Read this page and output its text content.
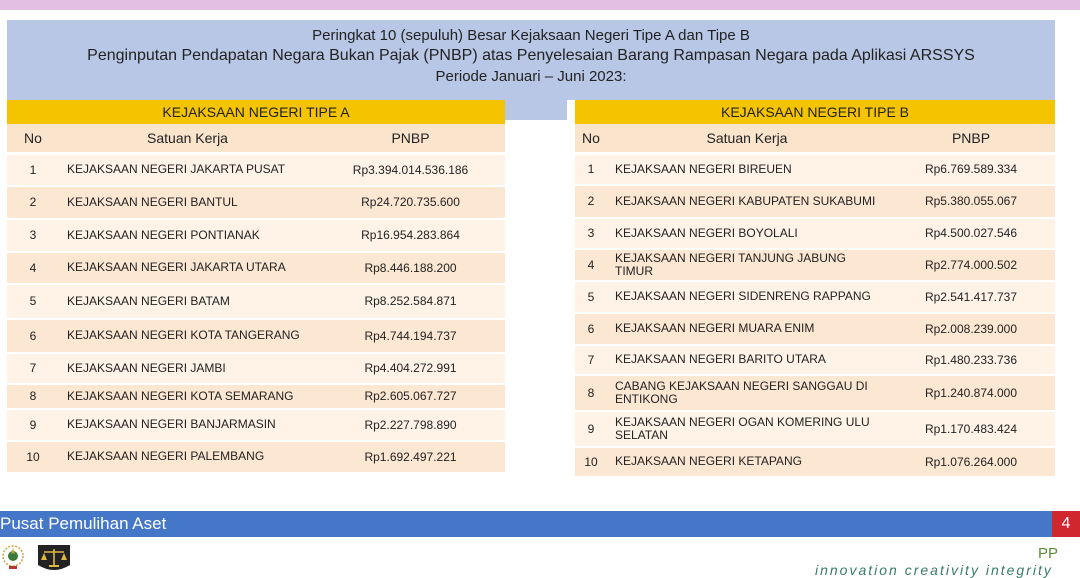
Peringkat 10 (sepuluh) Besar Kejaksaan Negeri Tipe A dan Tipe B
Penginputan Pendapatan Negara Bukan Pajak (PNBP) atas Penyelesaian Barang Rampasan Negara pada Aplikasi ARSSYS
Periode Januari – Juni 2023:
KEJAKSAAN NEGERI TIPE A		
No	Satuan Kerja	PNBP
1	KEJAKSAAN NEGERI JAKARTA PUSAT	Rp3.394.014.536.186
2	KEJAKSAAN NEGERI BANTUL	Rp24.720.735.600
3	KEJAKSAAN NEGERI PONTIANAK	Rp16.954.283.864
4	KEJAKSAAN NEGERI JAKARTA UTARA	Rp8.446.188.200
5	KEJAKSAAN NEGERI BATAM	Rp8.252.584.871
6	KEJAKSAAN NEGERI KOTA TANGERANG	Rp4.744.194.737
7	KEJAKSAAN NEGERI JAMBI	Rp4.404.272.991
8	KEJAKSAAN NEGERI KOTA SEMARANG	Rp2.605.067.727
9	KEJAKSAAN NEGERI BANJARMASIN	Rp2.227.798.890
10	KEJAKSAAN NEGERI PALEMBANG	Rp1.692.497.221
KEJAKSAAN NEGERI TIPE B		
No	Satuan Kerja	PNBP
1	KEJAKSAAN NEGERI BIREUEN	Rp6.769.589.334
2	KEJAKSAAN NEGERI KABUPATEN SUKABUMI	Rp5.380.055.067
3	KEJAKSAAN NEGERI BOYOLALI	Rp4.500.027.546
4	KEJAKSAAN NEGERI TANJUNG JABUNG TIMUR	Rp2.774.000.502
5	KEJAKSAAN NEGERI SIDENRENG RAPPANG	Rp2.541.417.737
6	KEJAKSAAN NEGERI MUARA ENIM	Rp2.008.239.000
7	KEJAKSAAN NEGERI BARITO UTARA	Rp1.480.233.736
8	CABANG KEJAKSAAN NEGERI SANGGAU DI ENTIKONG	Rp1.240.874.000
9	KEJAKSAAN NEGERI OGAN KOMERING ULU SELATAN	Rp1.170.483.424
10	KEJAKSAAN NEGERI KETAPANG	Rp1.076.264.000
Pusat Pemulihan Aset	4
PP
innovation creativity integrity
